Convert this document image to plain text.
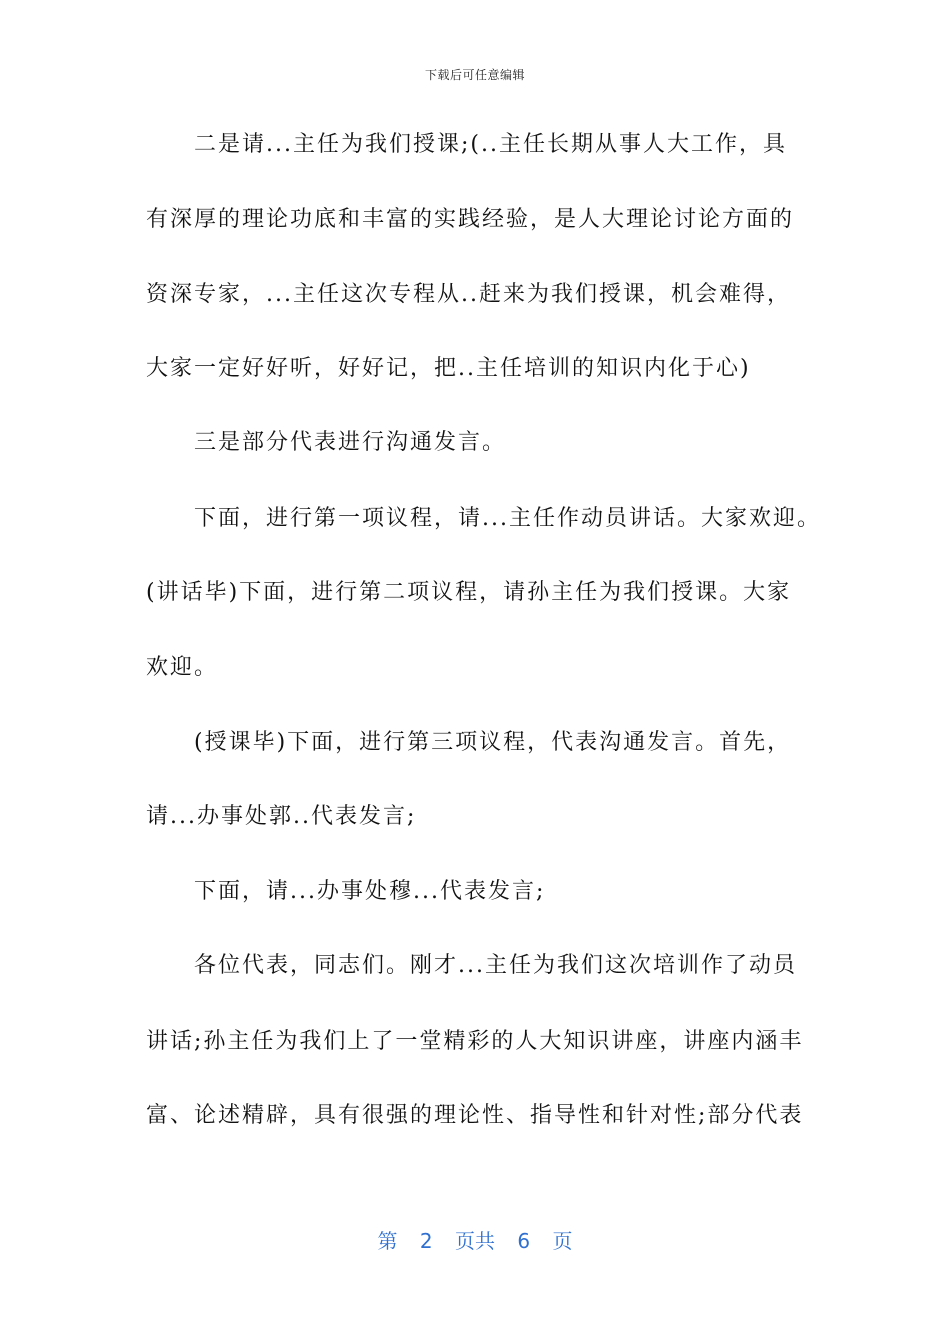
下载后可任意编辑
二是请...主任为我们授课;(..主任长期从事人大工作，具
有深厚的理论功底和丰富的实践经验，是人大理论讨论方面的
资深专家，...主任这次专程从..赶来为我们授课，机会难得，
大家一定好好听，好好记，把..主任培训的知识内化于心)
三是部分代表进行沟通发言。
下面，进行第一项议程，请...主任作动员讲话。大家欢迎。
(讲话毕)下面，进行第二项议程，请孙主任为我们授课。大家
欢迎。
(授课毕)下面，进行第三项议程，代表沟通发言。首先，
请...办事处郭..代表发言;
下面，请...办事处穆...代表发言;
各位代表，同志们。刚才...主任为我们这次培训作了动员
讲话;孙主任为我们上了一堂精彩的人大知识讲座，讲座内涵丰
富、论述精辟，具有很强的理论性、指导性和针对性;部分代表
第 2 页共 6 页
